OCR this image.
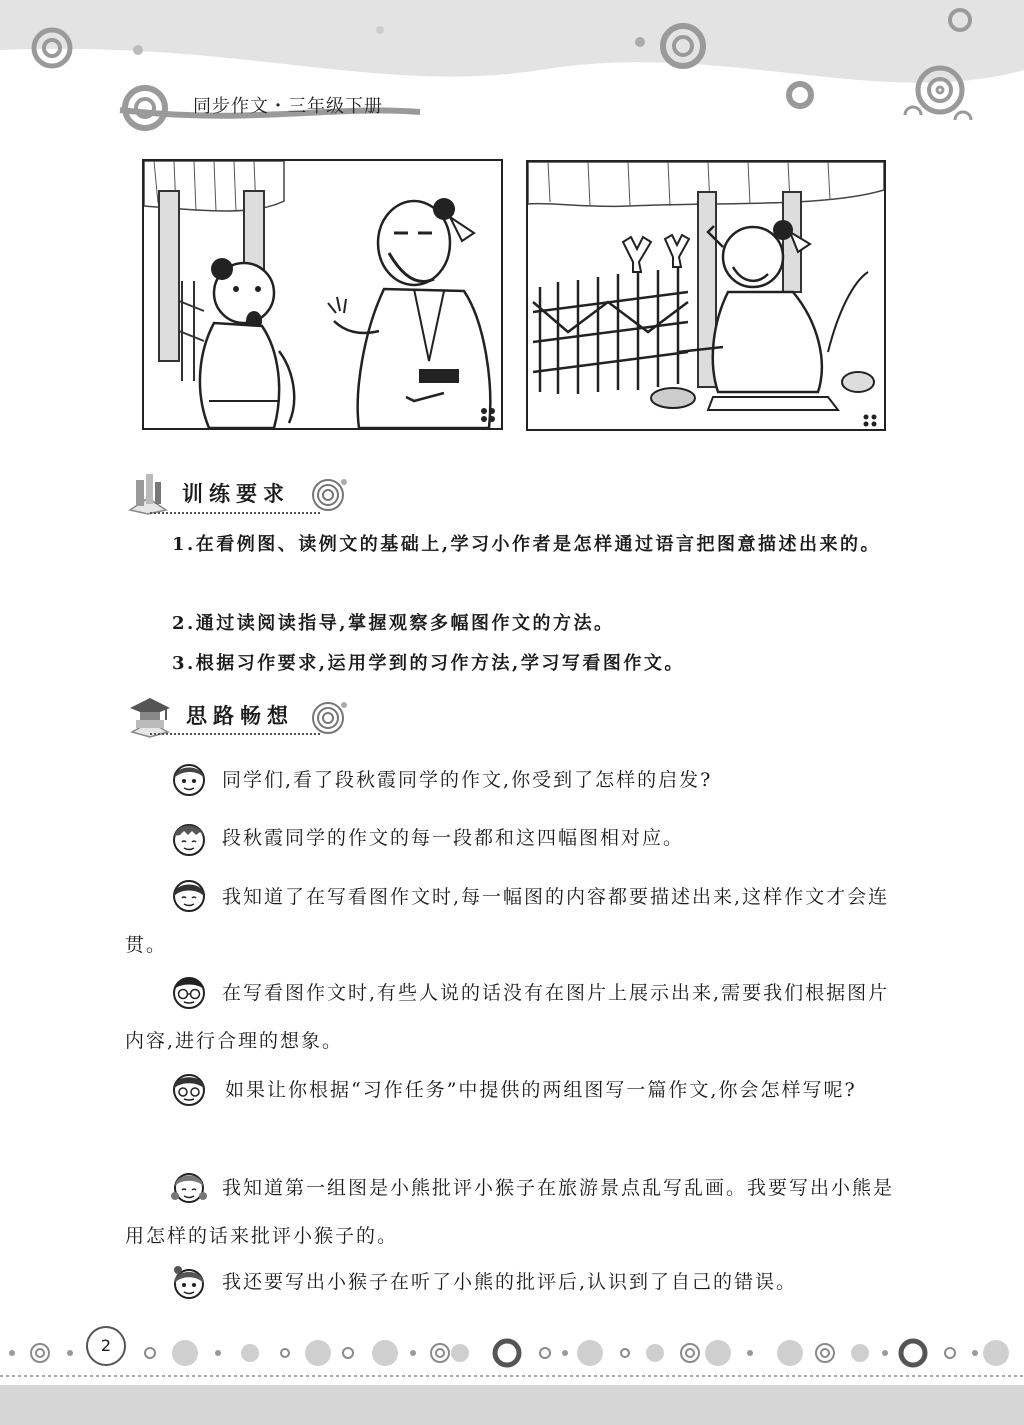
同步作文・三年级下册
训练要求
1.在看例图、读例文的基础上,学习小作者是怎样通过语言把图意描述出来的。
2.通过读阅读指导,掌握观察多幅图作文的方法。
3.根据习作要求,运用学到的习作方法,学习写看图作文。
思路畅想
同学们,看了段秋霞同学的作文,你受到了怎样的启发?
段秋霞同学的作文的每一段都和这四幅图相对应。
我知道了在写看图作文时,每一幅图的内容都要描述出来,这样作文才会连贯。
在写看图作文时,有些人说的话没有在图片上展示出来,需要我们根据图片内容,进行合理的想象。
如果让你根据“习作任务”中提供的两组图写一篇作文,你会怎样写呢?
我知道第一组图是小熊批评小猴子在旅游景点乱写乱画。我要写出小熊是用怎样的话来批评小猴子的。
我还要写出小猴子在听了小熊的批评后,认识到了自己的错误。
2
